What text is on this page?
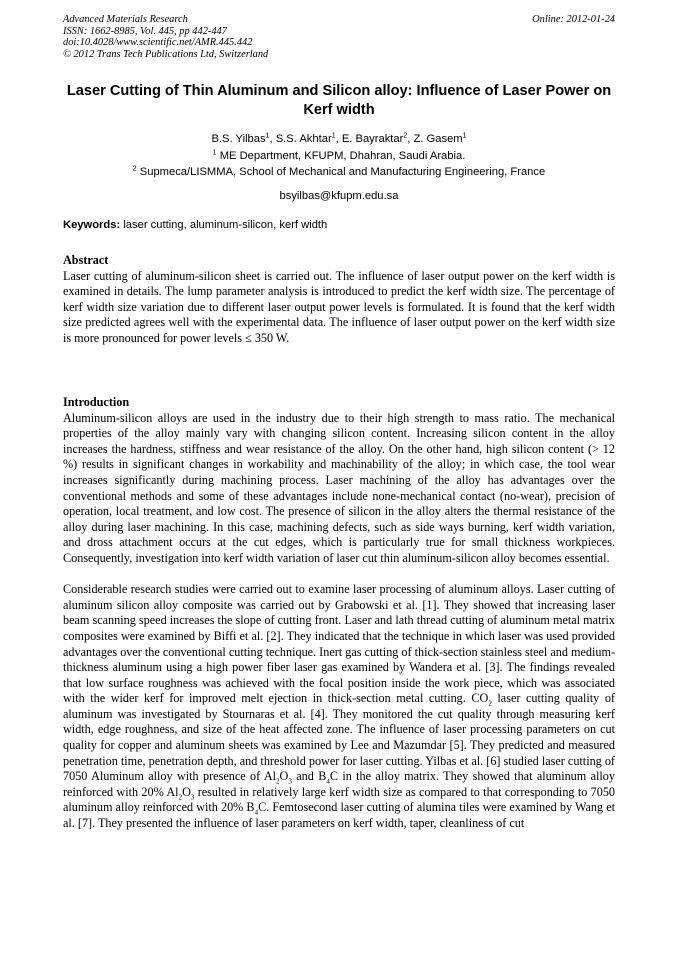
Advanced Materials Research
ISSN: 1662-8985, Vol. 445, pp 442-447
doi:10.4028/www.scientific.net/AMR.445.442
© 2012 Trans Tech Publications Ltd, Switzerland
Online: 2012-01-24
Laser Cutting of Thin Aluminum and Silicon alloy: Influence of Laser Power on Kerf width
B.S. Yilbas$^1$, S.S. Akhtar$^1$, E. Bayraktar$^2$, Z. Gasem$^1$
$^1$ ME Department, KFUPM, Dhahran, Saudi Arabia.
$^2$ Supmeca/LISMMA, School of Mechanical and Manufacturing Engineering, France
bsyilbas@kfupm.edu.sa
Keywords: laser cutting, aluminum-silicon, kerf width
Abstract

Laser cutting of aluminum-silicon sheet is carried out. The influence of laser output power on the kerf width is examined in details. The lump parameter analysis is introduced to predict the kerf width size. The percentage of kerf width size variation due to different laser output power levels is formulated. It is found that the kerf width size predicted agrees well with the experimental data. The influence of laser output power on the kerf width size is more pronounced for power levels ≤ 350 W.

Introduction

Aluminum-silicon alloys are used in the industry due to their high strength to mass ratio. The mechanical properties of the alloy mainly vary with changing silicon content. Increasing silicon content in the alloy increases the hardness, stiffness and wear resistance of the alloy. On the other hand, high silicon content (> 12 %) results in significant changes in workability and machinability of the alloy; in which case, the tool wear increases significantly during machining process. Laser machining of the alloy has advantages over the conventional methods and some of these advantages include none-mechanical contact (no-wear), precision of operation, local treatment, and low cost. The presence of silicon in the alloy alters the thermal resistance of the alloy during laser machining. In this case, machining defects, such as side ways burning, kerf width variation, and dross attachment occurs at the cut edges, which is particularly true for small thickness workpieces. Consequently, investigation into kerf width variation of laser cut thin aluminum-silicon alloy becomes essential.

Considerable research studies were carried out to examine laser processing of aluminum alloys. Laser cutting of aluminum silicon alloy composite was carried out by Grabowski et al. [1]. They showed that increasing laser beam scanning speed increases the slope of cutting front. Laser and lath thread cutting of aluminum metal matrix composites were examined by Biffi et al. [2]. They indicated that the technique in which laser was used provided advantages over the conventional cutting technique. Inert gas cutting of thick-section stainless steel and medium-thickness aluminum using a high power fiber laser gas examined by Wandera et al. [3]. The findings revealed that low surface roughness was achieved with the focal position inside the work piece, which was associated with the wider kerf for improved melt ejection in thick-section metal cutting. $CO_2$ laser cutting quality of aluminum was investigated by Stournaras et al. [4]. They monitored the cut quality through measuring kerf width, edge roughness, and size of the heat affected zone. The influence of laser processing parameters on cut quality for copper and aluminum sheets was examined by Lee and Mazumdar [5]. They predicted and measured penetration time, penetration depth, and threshold power for laser cutting. Yilbas et al. [6] studied laser cutting of 7050 Aluminum alloy with presence of $Al_2O_3$ and $B_4C$ in the alloy matrix. They showed that aluminum alloy reinforced with 20% $Al_2O_3$ resulted in relatively large kerf width size as compared to that corresponding to 7050 aluminum alloy reinforced with 20% $B_4C$. Femtosecond laser cutting of alumina tiles were examined by Wang et al. [7]. They presented the influence of laser parameters on kerf width, taper, cleanliness of cut
